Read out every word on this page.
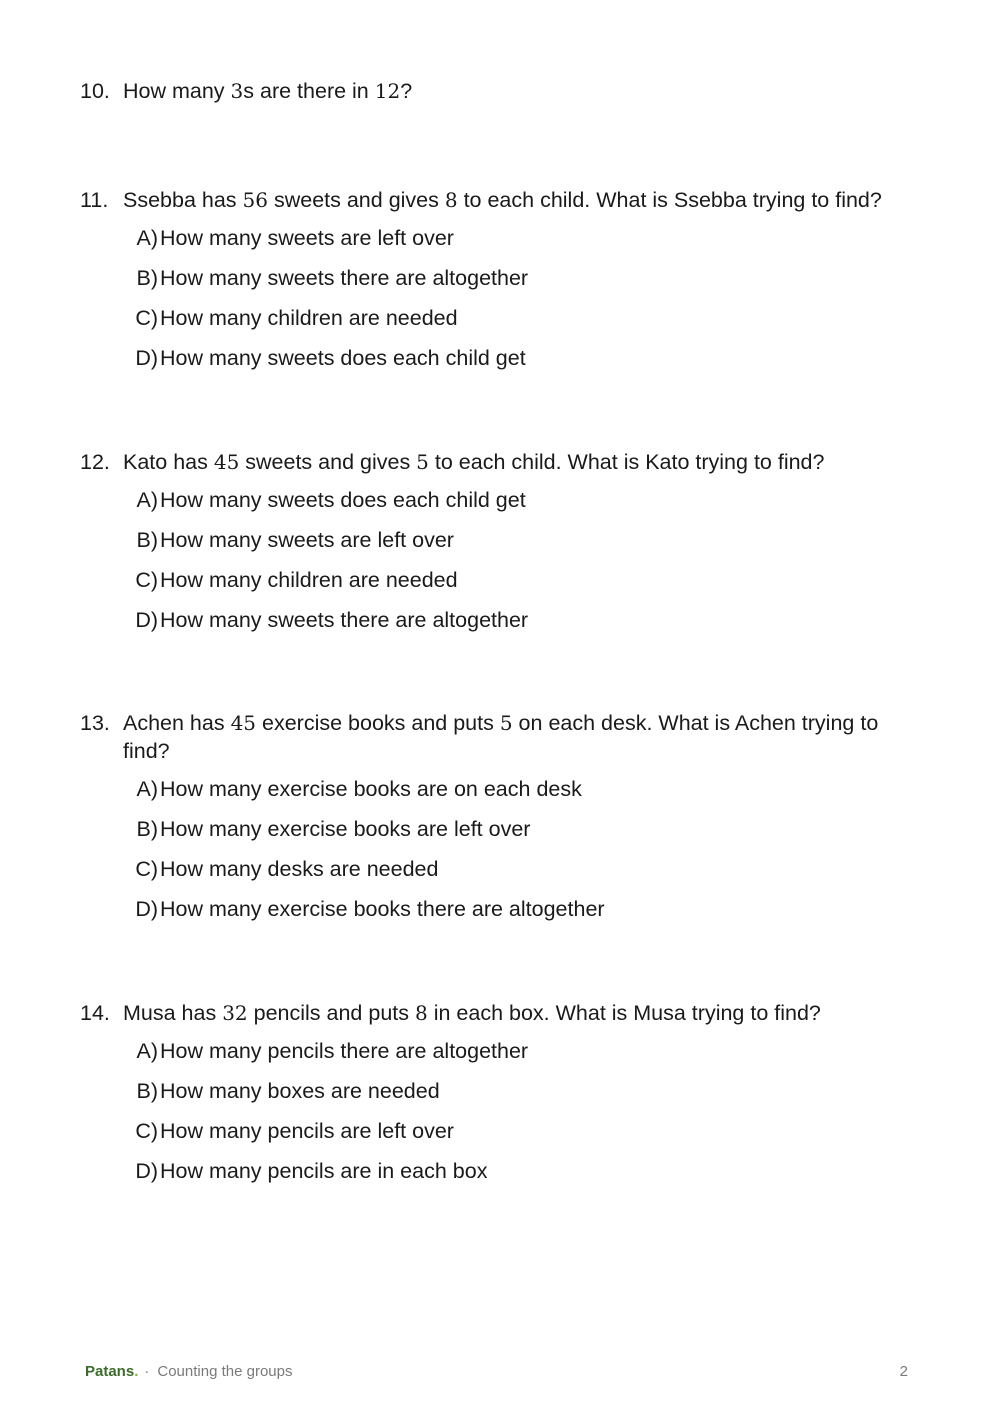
10. How many 3s are there in 12?
11. Ssebba has 56 sweets and gives 8 to each child. What is Ssebba trying to find?
A) How many sweets are left over
B) How many sweets there are altogether
C) How many children are needed
D) How many sweets does each child get
12. Kato has 45 sweets and gives 5 to each child. What is Kato trying to find?
A) How many sweets does each child get
B) How many sweets are left over
C) How many children are needed
D) How many sweets there are altogether
13. Achen has 45 exercise books and puts 5 on each desk. What is Achen trying to find?
A) How many exercise books are on each desk
B) How many exercise books are left over
C) How many desks are needed
D) How many exercise books there are altogether
14. Musa has 32 pencils and puts 8 in each box. What is Musa trying to find?
A) How many pencils there are altogether
B) How many boxes are needed
C) How many pencils are left over
D) How many pencils are in each box
Patans . · Counting the groups	2
